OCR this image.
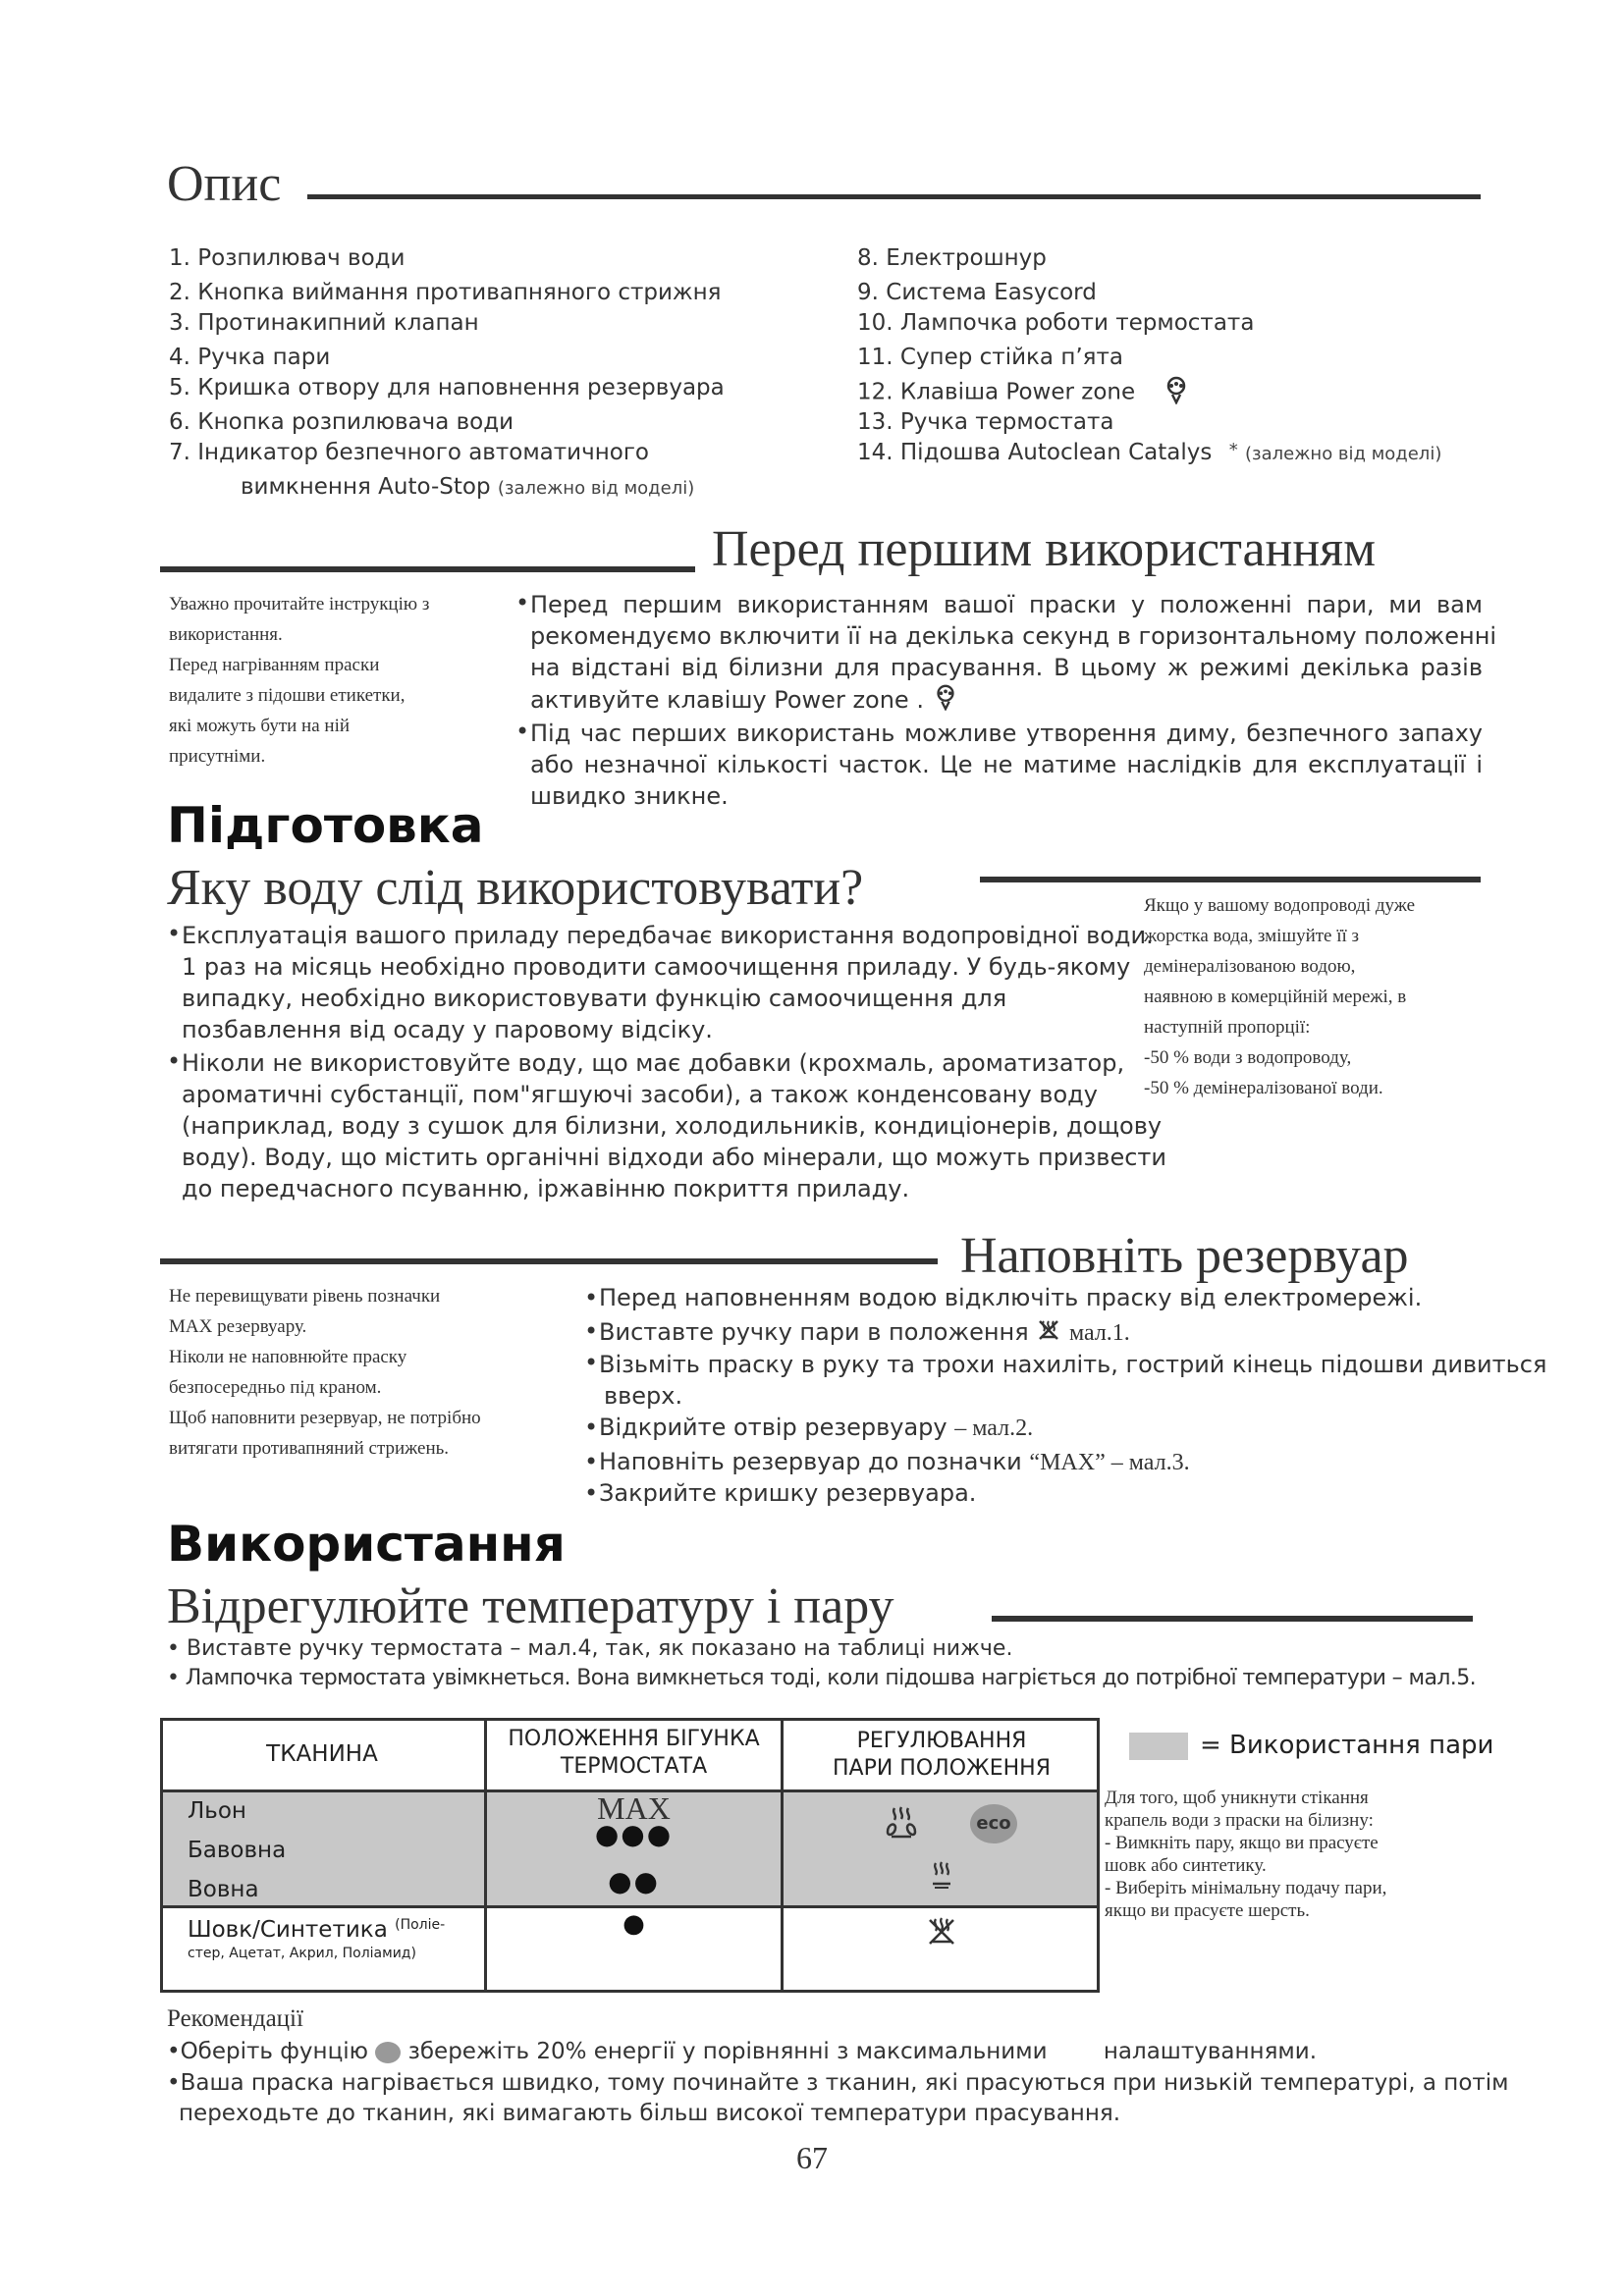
Опис
1. Розпилювач води
2. Кнопка виймання противапняного стрижня
3. Протинакипний клапан
4. Ручка пари
5. Кришка отвору для наповнення резервуара
6. Кнопка розпилювача води
7. Індикатор безпечного автоматичного
вимкнення Auto-Stop (залежно від моделі)
8. Електрошнур
9. Система Easycord
10. Лампочка роботи термостата
11. Супер стійка п’ята
12. Клавіша Power zone
13. Ручка термостата
14. Підошва Autoclean Catalys * (залежно від моделі)
Перед першим використанням
Уважно прочитайте інструкцію з
використання.
Перед нагріванням праски
видалите з підошви етикетки,
які можуть бути на ній
присутніми.
• Перед першим використанням вашої праски у положенні пари, ми вам
рекомендуємо включити її на декілька секунд в горизонтальному положенні
на відстані від білизни для прасування. В цьому ж режимі декілька разів
активуйте клавішу Power zone .
• Під час перших використань можливе утворення диму, безпечного запаху
або незначної кількості часток. Це не матиме наслідків для експлуатації і
швидко зникне.
Підготовка
Яку воду слід використовувати?
• Експлуатація вашого приладу передбачає використання водопровідної води.
1 раз на місяць необхідно проводити самоочищення приладу. У будь-якому
випадку, необхідно використовувати функцію самоочищення для
позбавлення від осаду у паровому відсіку.
• Ніколи не використовуйте воду, що має добавки (крохмаль, ароматизатор,
ароматичні субстанції, пом"ягшуючі засоби), а також конденсовану воду
(наприклад, воду з сушок для білизни, холодильників, кондиціонерів, дощову
воду). Воду, що містить органічні відходи або мінерали, що можуть призвести
до передчасного псуванню, іржавінню покриття приладу.
Якщо у вашому водопроводі дуже
жорстка вода, змішуйте її з
демінералізованою водою,
наявною в комерційній мережі, в
наступній пропорції:
-50 % води з водопроводу,
-50 % демінералізованої води.
Наповніть резервуар
Не перевищувати рівень позначки
MAX резервуару.
Ніколи не наповнюйте праску
безпосередньо під краном.
Щоб наповнити резервуар, не потрібно
витягати противапняний стрижень.
• Перед наповненням водою відключіть праску від електромережі.
• Виставте ручку пари в положення мал.1.
• Візьміть праску в руку та трохи нахиліть, гострий кінець підошви дивиться
вверх.
• Відкрийте отвір резервуару – мал.2.
• Наповніть резервуар до позначки “MAX” – мал.3.
• Закрийте кришку резервуара.
Використання
Відрегулюйте температуру і пару
• Виставте ручку термостата – мал.4, так, як показано на таблиці нижче.
• Лампочка термостата увімкнеться. Вона вимкнеться тоді, коли підошва нагріється до потрібної температури – мал.5.
ТКАНИНА
ПОЛОЖЕННЯ БІГУНКА
ТЕРМОСТАТА
РЕГУЛЮВАННЯ
ПАРИ ПОЛОЖЕННЯ
Льон
Бавовна
Вовна
Шовк/Синтетика $^{(Поліе-}$
стер, Ацетат, Акрил, Поліамид)
MAX
●●●
●●
●
eco
= Використання пари
Для того, щоб уникнути стікання
крапель води з праски на білизну:
- Вимкніть пару, якщо ви прасуєте
шовк або синтетику.
- Виберіть мінімальну подачу пари,
якщо ви прасуєте шерсть.
Рекомендації
•Оберіть фунцію збережіть 20% енергії у порівнянні з максимальними налаштуваннями.
•Ваша праска нагрівається швидко, тому починайте з тканин, які прасуються при низькій температурі, а потім
переходьте до тканин, які вимагають більш високої температури прасування.
67
